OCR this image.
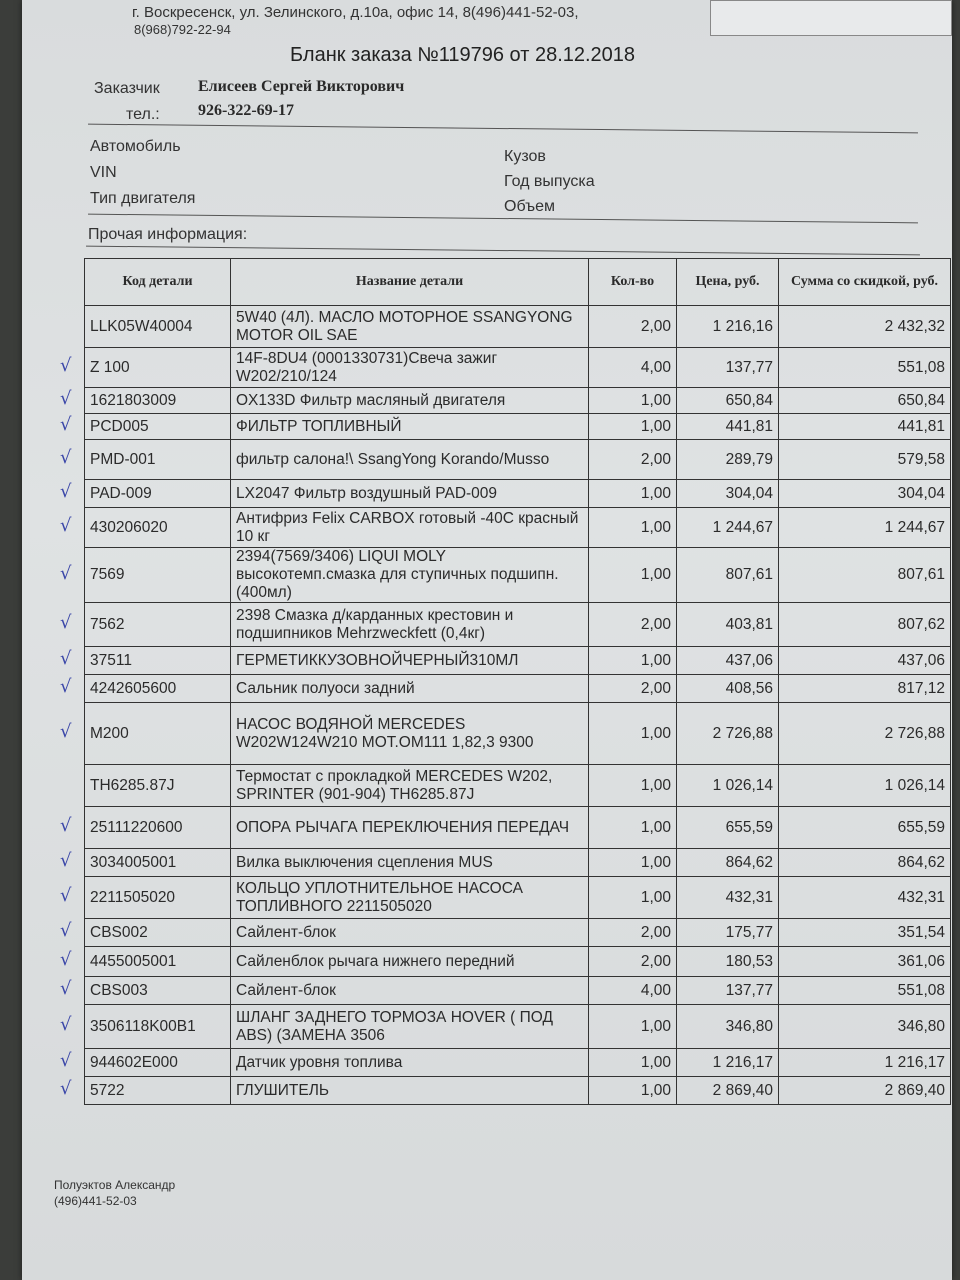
г. Воскресенск, ул. Зелинского, д.10а, офис 14, 8(496)441-52-03,
8(968)792-22-94
Бланк заказа №119796 от 28.12.2018
Заказчик Елисеев Сергей Викторович
тел.: 926-322-69-17
Автомобиль
VIN
Тип двигателя
Кузов
Год выпуска
Объем
Прочая информация:
Код детали	Название детали	Кол-во	Цена, руб.	Сумма со скидкой, руб.
LLK05W40004	5W40 (4Л). МАСЛО МОТОРНОЕ SSANGYONG MOTOR OIL SAE	2,00	1 216,16	2 432,32
Z 100	14F-8DU4 (0001330731)Свеча зажиг W202/210/124	4,00	137,77	551,08
1621803009	OX133D Фильтр масляный двигателя	1,00	650,84	650,84
PCD005	ФИЛЬТР ТОПЛИВНЫЙ	1,00	441,81	441,81
PMD-001	фильтр салона!\ SsangYong Korando/Musso	2,00	289,79	579,58
PAD-009	LX2047 Фильтр воздушный PAD-009	1,00	304,04	304,04
430206020	Антифриз Felix CARBOX готовый -40С красный 10 кг	1,00	1 244,67	1 244,67
7569	2394(7569/3406) LIQUI MOLY высокотемп.смазка для ступичных подшипн.(400мл)	1,00	807,61	807,61
7562	2398 Смазка д/карданных крестовин и подшипников Mehrzweckfett (0,4кг)	2,00	403,81	807,62
37511	ГЕРМЕТИККУЗОВНОЙЧЕРНЫЙ310МЛ	1,00	437,06	437,06
4242605600	Сальник полуоси задний	2,00	408,56	817,12
M200	НАСОС ВОДЯНОЙ MERCEDES W202W124W210 MOT.OM111 1,82,3 9300	1,00	2 726,88	2 726,88
TH6285.87J	Термостат с прокладкой MERCEDES W202, SPRINTER (901-904) TH6285.87J	1,00	1 026,14	1 026,14
25111220600	ОПОРА РЫЧАГА ПЕРЕКЛЮЧЕНИЯ ПЕРЕДАЧ	1,00	655,59	655,59
3034005001	Вилка выключения сцепления MUS	1,00	864,62	864,62
2211505020	КОЛЬЦО УПЛОТНИТЕЛЬНОЕ НАСОСА ТОПЛИВНОГО 2211505020	1,00	432,31	432,31
CBS002	Сайлент-блок	2,00	175,77	351,54
4455005001	Сайленблок рычага нижнего передний	2,00	180,53	361,06
CBS003	Сайлент-блок	4,00	137,77	551,08
3506118K00B1	ШЛАНГ ЗАДНЕГО ТОРМОЗА HOVER ( ПОД ABS) (ЗАМЕНА 3506	1,00	346,80	346,80
944602E000	Датчик уровня топлива	1,00	1 216,17	1 216,17
5722	ГЛУШИТЕЛЬ	1,00	2 869,40	2 869,40
√
√
√
√
√
√
√
√
√
√
√
√
√
√
√
√
√
√
√
√
Полуэктов Александр
(496)441-52-03
